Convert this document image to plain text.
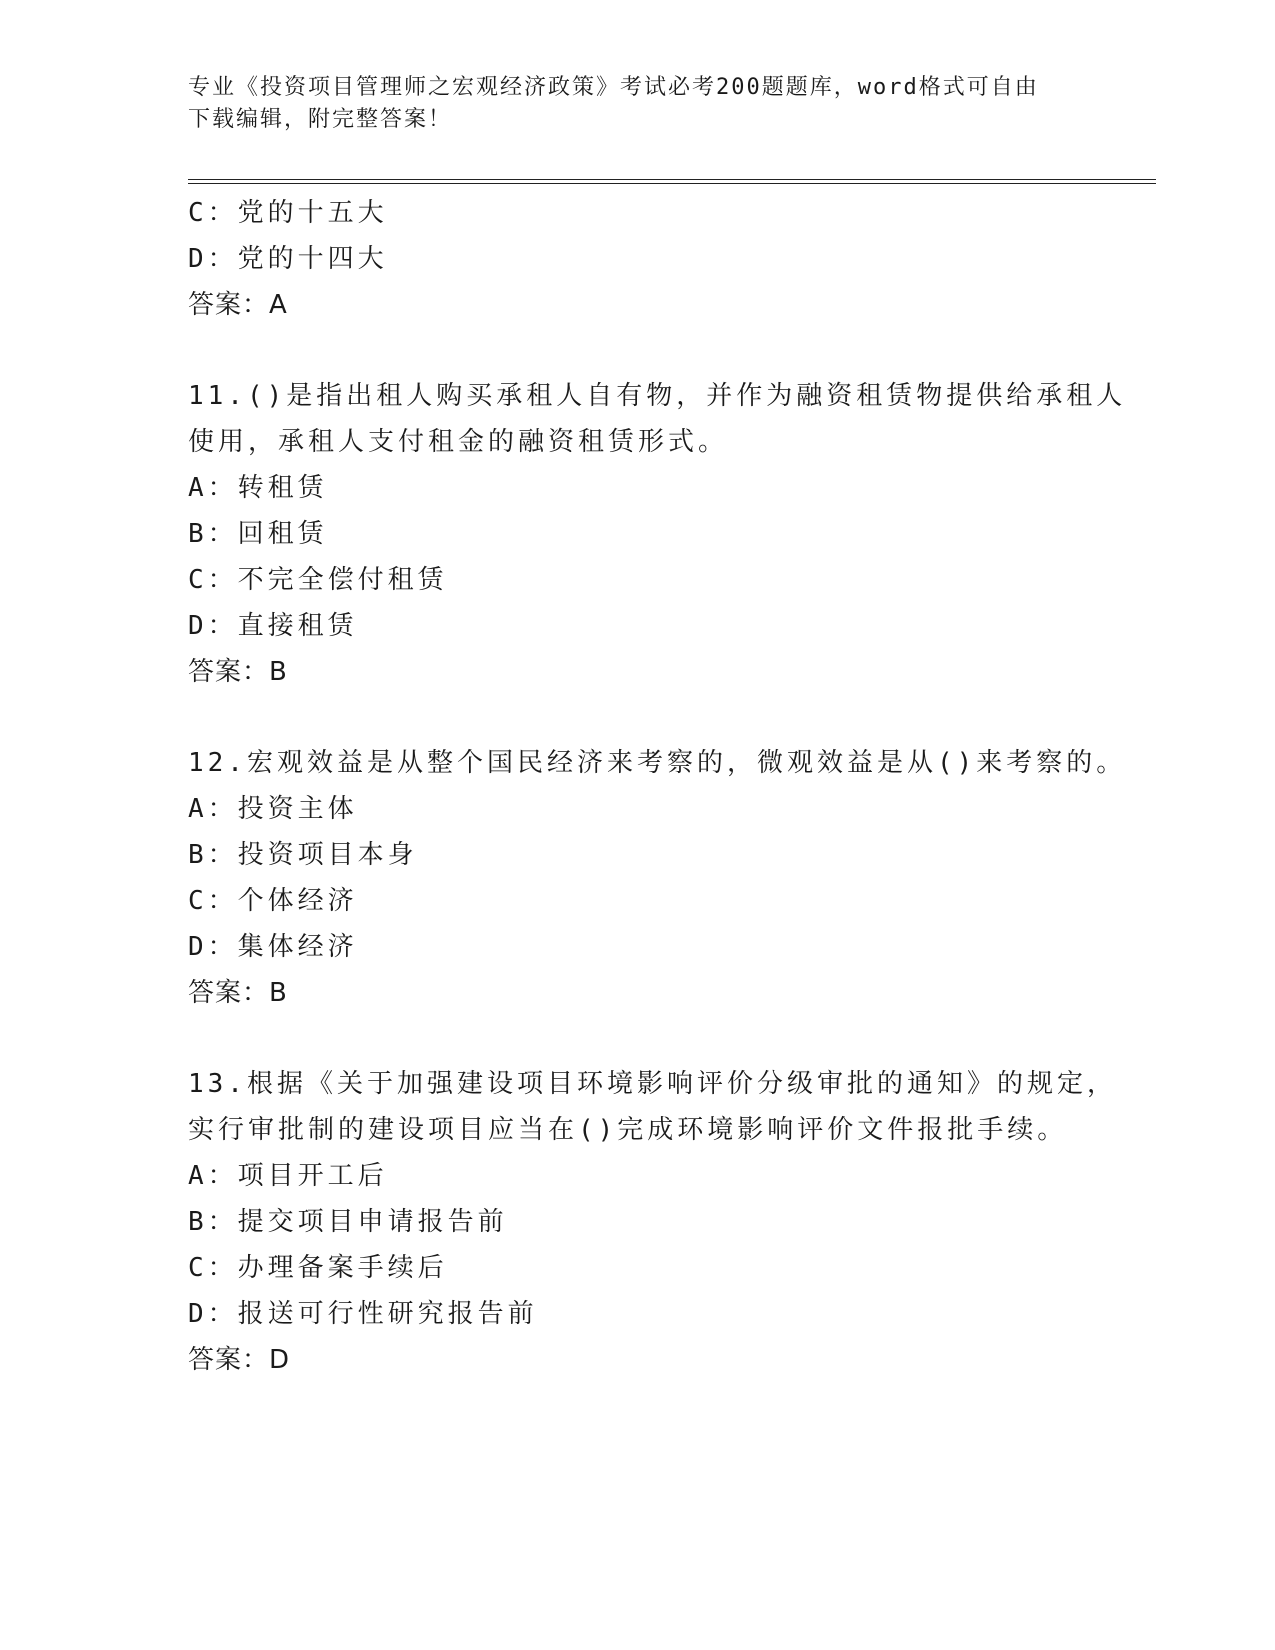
专业《投资项目管理师之宏观经济政策》考试必考200题题库，word格式可自由
下载编辑，附完整答案！
C：党的十五大
D：党的十四大
答案：A
11.()是指出租人购买承租人自有物，并作为融资租赁物提供给承租人
使用，承租人支付租金的融资租赁形式。
A：转租赁
B：回租赁
C：不完全偿付租赁
D：直接租赁
答案：B
12.宏观效益是从整个国民经济来考察的，微观效益是从()来考察的。
A：投资主体
B：投资项目本身
C：个体经济
D：集体经济
答案：B
13.根据《关于加强建设项目环境影响评价分级审批的通知》的规定，
实行审批制的建设项目应当在()完成环境影响评价文件报批手续。
A：项目开工后
B：提交项目申请报告前
C：办理备案手续后
D：报送可行性研究报告前
答案：D
